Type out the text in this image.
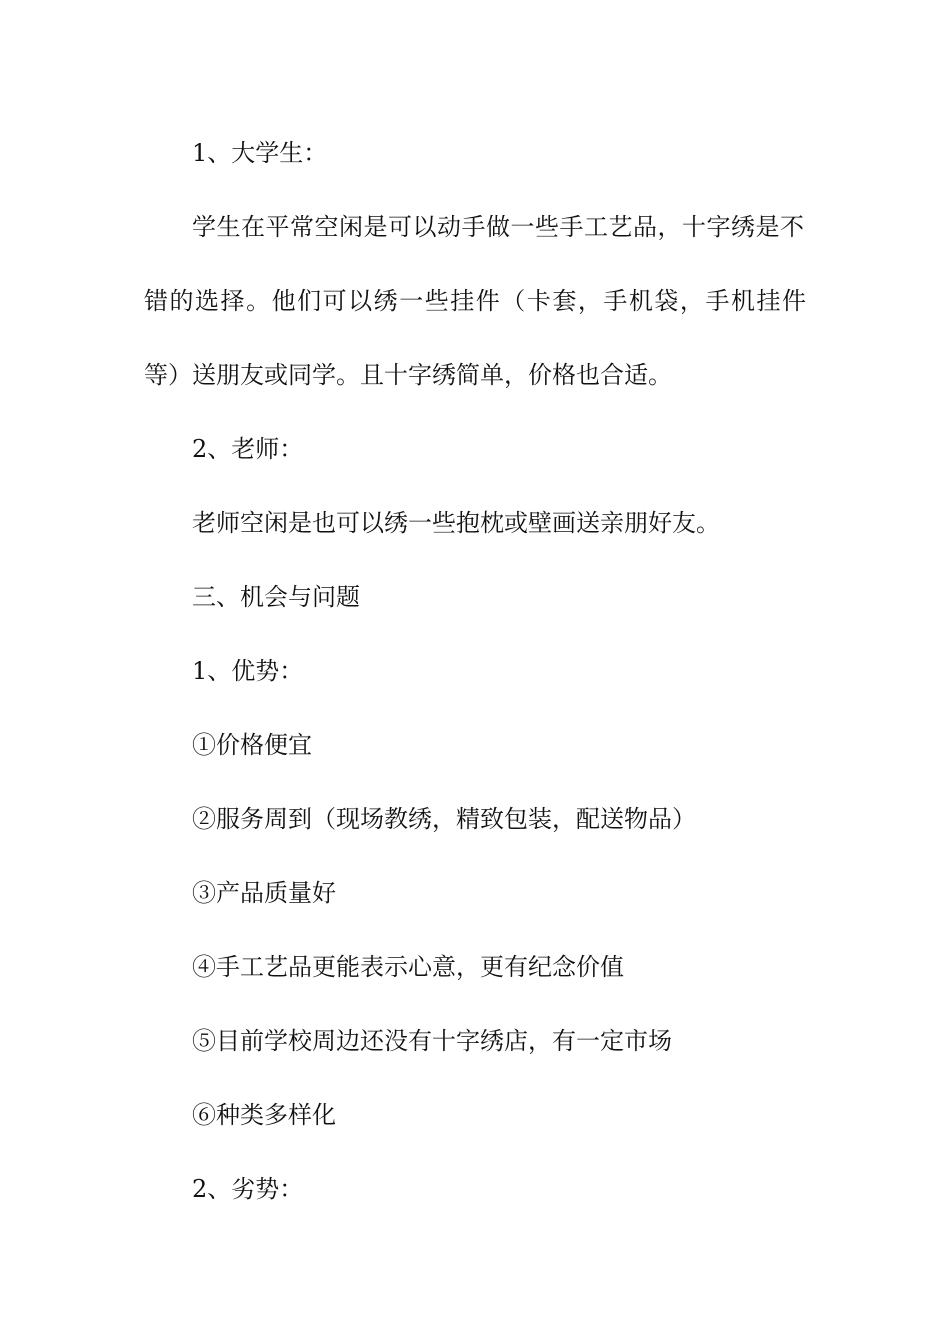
1、大学生：
学生在平常空闲是可以动手做一些手工艺品，十字绣是不
错的选择。他们可以绣一些挂件（卡套，手机袋，手机挂件
等）送朋友或同学。且十字绣简单，价格也合适。
2、老师：
老师空闲是也可以绣一些抱枕或壁画送亲朋好友。
三、机会与问题
1、优势：
①价格便宜
②服务周到（现场教绣，精致包装，配送物品）
③产品质量好
④手工艺品更能表示心意，更有纪念价值
⑤目前学校周边还没有十字绣店，有一定市场
⑥种类多样化
2、劣势：
